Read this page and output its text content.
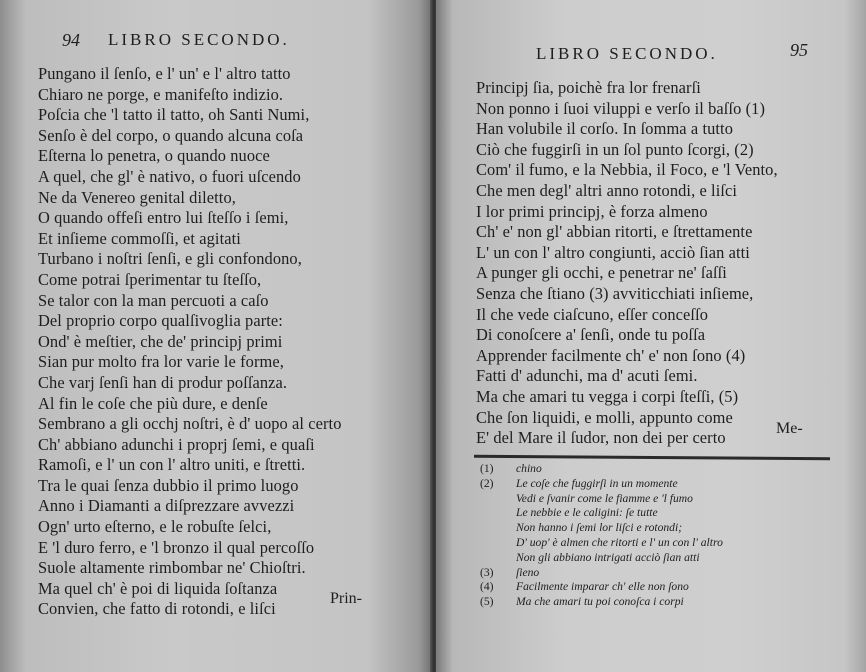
94 LIBRO SECONDO.
Pungano il ſenſo, e l' un' e l' altro tatto
Chiaro ne porge, e manifeſto indizio.
Poſcia che 'l tatto il tatto, oh Santi Numi,
Senſo è del corpo, o quando alcuna coſa
Eſterna lo penetra, o quando nuoce
A quel, che gl' è nativo, o fuori uſcendo
Ne da Venereo genital diletto,
O quando offeſi entro lui ſteſſo i ſemi,
Et inſieme commoſſi, et agitati
Turbano i noſtri ſenſi, e gli confondono,
Come potrai ſperimentar tu ſteſſo,
Se talor con la man percuoti a caſo
Del proprio corpo qualſivoglia parte:
Ond' è meſtier, che de' principj primi
Sian pur molto fra lor varie le forme,
Che varj ſenſi han di produr poſſanza.
Al fin le coſe che più dure, e denſe
Sembrano a gli occhj noſtri, è d' uopo al certo
Ch' abbiano adunchi i proprj ſemi, e quaſi
Ramoſi, e l' un con l' altro uniti, e ſtretti.
Tra le quai ſenza dubbio il primo luogo
Anno i Diamanti a diſprezzare avvezzi
Ogn' urto eſterno, e le robuſte ſelci,
E 'l duro ferro, e 'l bronzo il qual percoſſo
Suole altamente rimbombar ne' Chioſtri.
Ma quel ch' è poi di liquida ſoſtanza
Convien, che fatto di rotondi, e liſci
Prin-
LIBRO SECONDO.	95
Principj ſia, poichè fra lor frenarſi
Non ponno i ſuoi viluppi e verſo il baſſo (1)
Han volubile il corſo. In ſomma a tutto
Ciò che fuggirſi in un ſol punto ſcorgi, (2)
Com' il fumo, e la Nebbia, il Foco, e 'l Vento,
Che men degl' altri anno rotondi, e liſci
I lor primi principj, è forza almeno
Ch' e' non gl' abbian ritorti, e ſtrettamente
L' un con l' altro congiunti, acciò ſian atti
A punger gli occhi, e penetrar ne' ſaſſi
Senza che ſtiano (3) avviticchiati inſieme,
Il che vede ciaſcuno, eſſer conceſſo
Di conoſcere a' ſenſi, onde tu poſſa
Apprender facilmente ch' e' non ſono (4)
Fatti d' adunchi, ma d' acuti ſemi.
Ma che amari tu vegga i corpi ſteſſi, (5)
Che ſon liquidi, e molli, appunto come
E' del Mare il ſudor, non dei per certo	Me-
(1) chino
(2) Le coſe che fuggirſi in un momente
Vedi e ſvanir come le fiamme e 'l fumo
Le nebbie e le caligini: ſe tutte
Non hanno i ſemi lor liſci e rotondi;
D' uop' è almen che ritorti e l' un con l' altro
Non gli abbiano intrigati acciò ſian atti
(3) ſieno
(4) Facilmente imparar ch' elle non ſono
(5) Ma che amari tu poi conoſca i corpi
